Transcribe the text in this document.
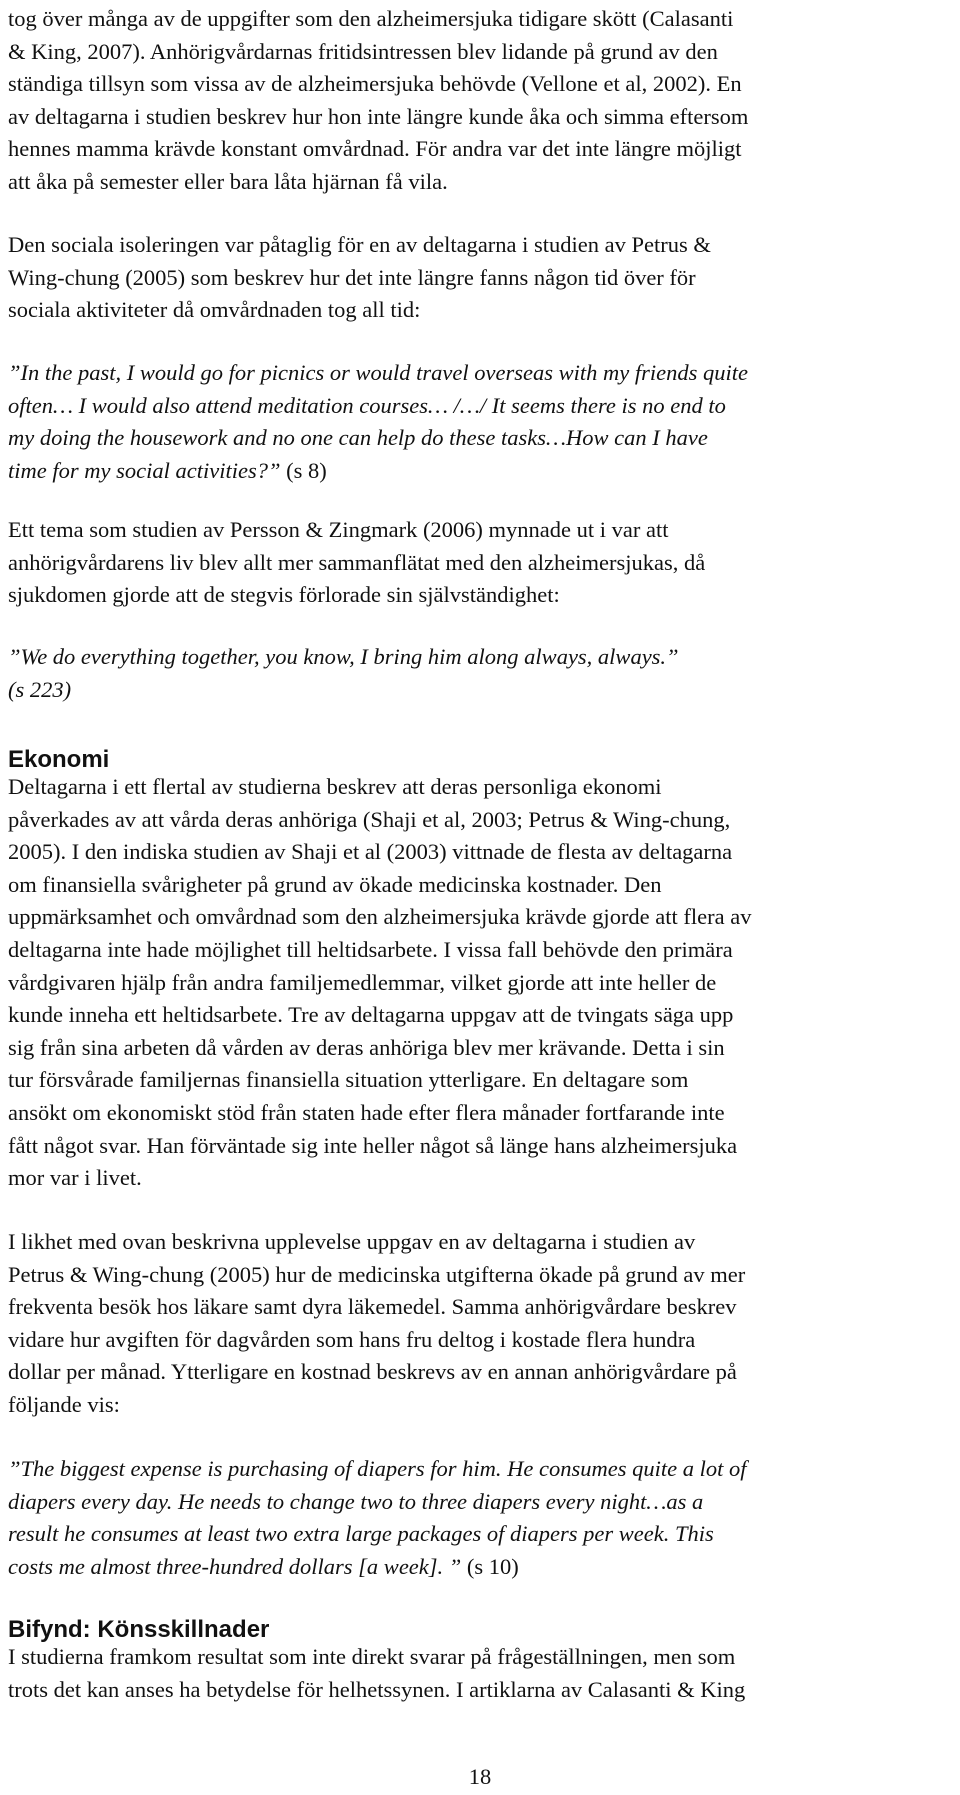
tog över många av de uppgifter som den alzheimersjuka tidigare skött (Calasanti
& King, 2007). Anhörigvårdarnas fritidsintressen blev lidande på grund av den
ständiga tillsyn som vissa av de alzheimersjuka behövde (Vellone et al, 2002). En
av deltagarna i studien beskrev hur hon inte längre kunde åka och simma eftersom
hennes mamma krävde konstant omvårdnad. För andra var det inte längre möjligt
att åka på semester eller bara låta hjärnan få vila.
Den sociala isoleringen var påtaglig för en av deltagarna i studien av Petrus &
Wing-chung (2005) som beskrev hur det inte längre fanns någon tid över för
sociala aktiviteter då omvårdnaden tog all tid:
”In the past, I would go for picnics or would travel overseas with my friends quite
often… I would also attend meditation courses… /…/ It seems there is no end to
my doing the housework and no one can help do these tasks…How can I have
time for my social activities?” (s 8)
Ett tema som studien av Persson & Zingmark (2006) mynnade ut i var att
anhörigvårdarens liv blev allt mer sammanflätat med den alzheimersjukas, då
sjukdomen gjorde att de stegvis förlorade sin självständighet:
”We do everything together, you know, I bring him along always, always.”
(s 223)
Ekonomi
Deltagarna i ett flertal av studierna beskrev att deras personliga ekonomi
påverkades av att vårda deras anhöriga (Shaji et al, 2003; Petrus & Wing-chung,
2005). I den indiska studien av Shaji et al (2003) vittnade de flesta av deltagarna
om finansiella svårigheter på grund av ökade medicinska kostnader. Den
uppmärksamhet och omvårdnad som den alzheimersjuka krävde gjorde att flera av
deltagarna inte hade möjlighet till heltidsarbete. I vissa fall behövde den primära
vårdgivaren hjälp från andra familjemedlemmar, vilket gjorde att inte heller de
kunde inneha ett heltidsarbete. Tre av deltagarna uppgav att de tvingats säga upp
sig från sina arbeten då vården av deras anhöriga blev mer krävande. Detta i sin
tur försvårade familjernas finansiella situation ytterligare. En deltagare som
ansökt om ekonomiskt stöd från staten hade efter flera månader fortfarande inte
fått något svar. Han förväntade sig inte heller något så länge hans alzheimersjuka
mor var i livet.
I likhet med ovan beskrivna upplevelse uppgav en av deltagarna i studien av
Petrus & Wing-chung (2005) hur de medicinska utgifterna ökade på grund av mer
frekventa besök hos läkare samt dyra läkemedel. Samma anhörigvårdare beskrev
vidare hur avgiften för dagvården som hans fru deltog i kostade flera hundra
dollar per månad. Ytterligare en kostnad beskrevs av en annan anhörigvårdare på
följande vis:
”The biggest expense is purchasing of diapers for him. He consumes quite a lot of
diapers every day. He needs to change two to three diapers every night…as a
result he consumes at least two extra large packages of diapers per week. This
costs me almost three-hundred dollars [a week]. ” (s 10)
Bifynd: Könsskillnader
I studierna framkom resultat som inte direkt svarar på frågeställningen, men som
trots det kan anses ha betydelse för helhetssynen. I artiklarna av Calasanti & King
18
